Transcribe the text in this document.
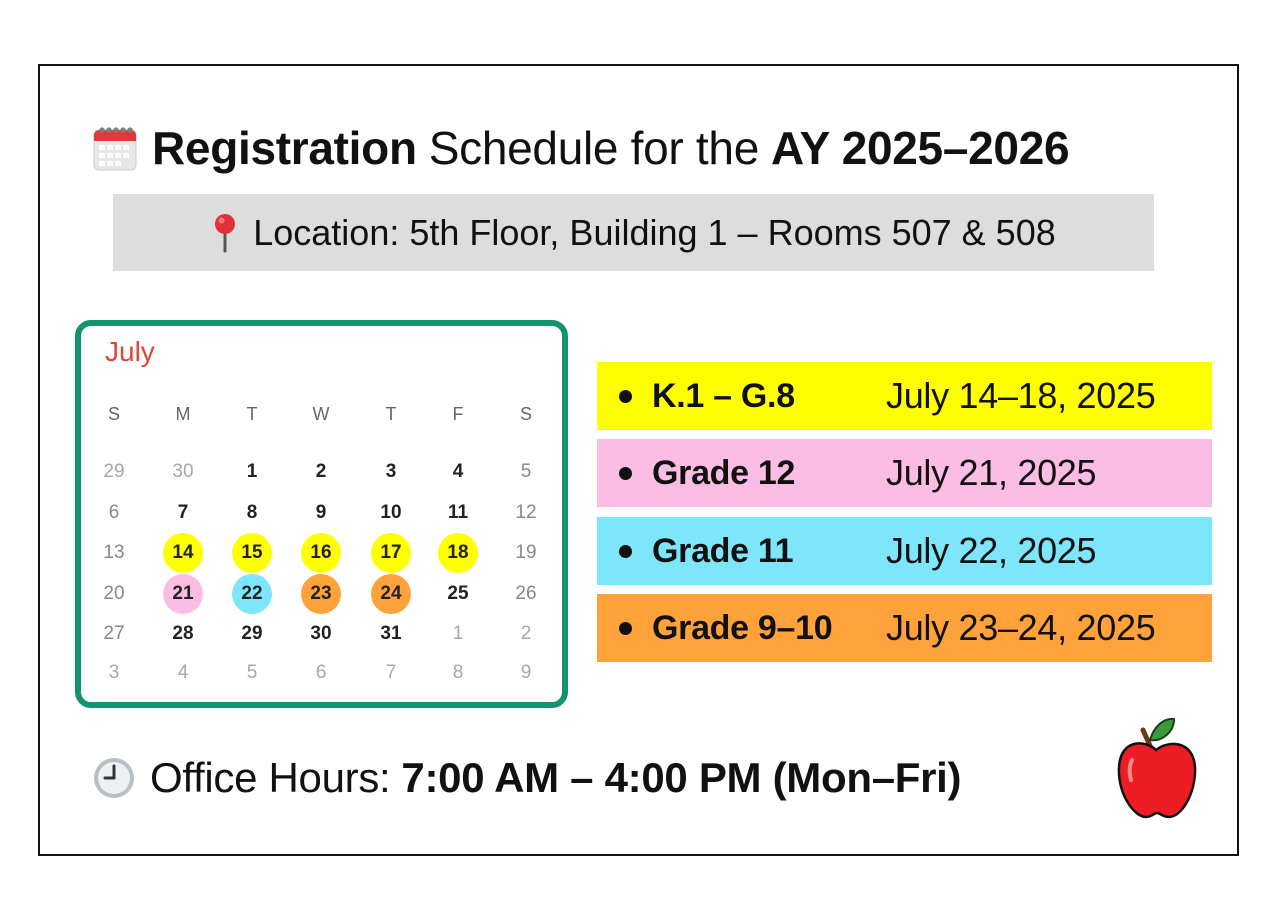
Registration Schedule for the AY 2025–2026
Location: 5th Floor, Building 1 – Rooms 507 & 508
July
S	M	T	W	T	F	S
29	30	1	2	3	4	5
6	7	8	9	10	11	12
13	14	15	16	17	18	19
20	21	22	23	24	25	26
27	28	29	30	31	1	2
3	4	5	6	7	8	9
K.1 – G.8	July 14–18, 2025
Grade 12	July 21, 2025
Grade 11	July 22, 2025
Grade 9–10	July 23–24, 2025
Office Hours: 7:00 AM – 4:00 PM (Mon–Fri)
